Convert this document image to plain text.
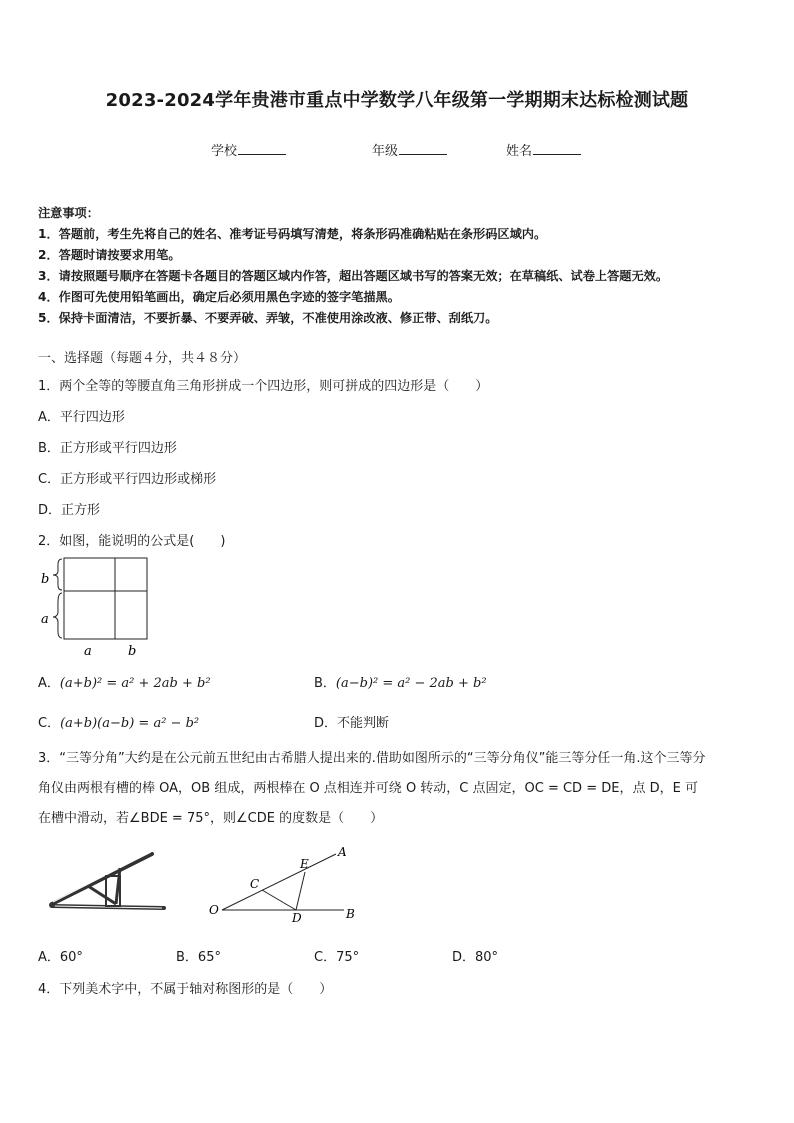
2023-2024学年贵港市重点中学数学八年级第一学期期末达标检测试题
学校	年级	姓名
注意事项：
1．答题前，考生先将自己的姓名、准考证号码填写清楚，将条形码准确粘贴在条形码区域内。
2．答题时请按要求用笔。
3．请按照题号顺序在答题卡各题目的答题区域内作答，超出答题区域书写的答案无效；在草稿纸、试卷上答题无效。
4．作图可先使用铅笔画出，确定后必须用黑色字迹的签字笔描黑。
5．保持卡面清洁，不要折暴、不要弄破、弄皱，不准使用涂改液、修正带、刮纸刀。
一、选择题（每题４分，共４８分）
1．两个全等的等腰直角三角形拼成一个四边形，则可拼成的四边形是（　　）
A．平行四边形
B．正方形或平行四边形
C．正方形或平行四边形或梯形
D．正方形
2．如图，能说明的公式是(　　)
b
a
a	b
A．(a+b)² = a² + 2ab + b²	B．(a−b)² = a² − 2ab + b²
C．(a+b)(a−b) = a² − b²	D．不能判断
3．“三等分角”大约是在公元前五世纪由古希腊人提出来的.借助如图所示的“三等分角仪”能三等分任一角.这个三等分
角仪由两根有槽的棒 OA，OB 组成，两根棒在 O 点相连并可绕 O 转动，C 点固定，OC = CD = DE，点 D，E 可
在槽中滑动，若∠BDE = 75°，则∠CDE 的度数是（　　）
O
A
B
C
D
E
A．60°	B．65°	C．75°	D．80°
4．下列美术字中，不属于轴对称图形的是（　　）
